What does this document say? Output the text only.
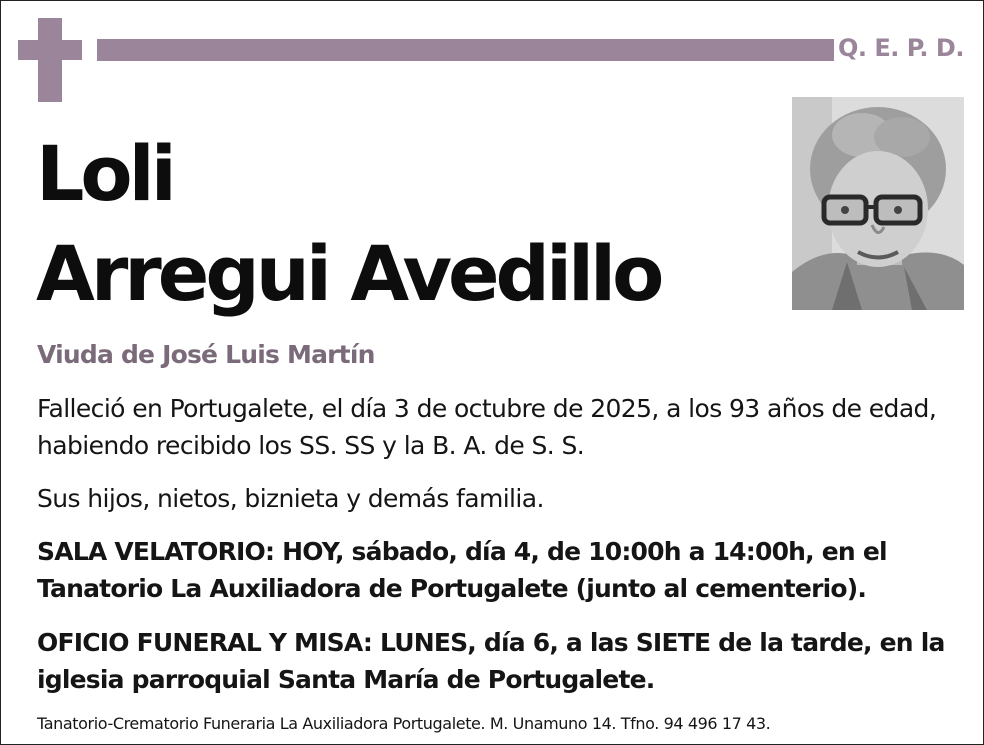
Q. E. P. D.
Loli
Arregui Avedillo
Viuda de José Luis Martín

Falleció en Portugalete, el día 3 de octubre de 2025, a los 93 años de edad, habiendo recibido los SS. SS y la B. A. de S. S.

Sus hijos, nietos, biznieta y demás familia.

SALA VELATORIO: HOY, sábado, día 4, de 10:00h a 14:00h, en el Tanatorio La Auxiliadora de Portugalete (junto al cementerio).

OFICIO FUNERAL Y MISA: LUNES, día 6, a las SIETE de la tarde, en la iglesia parroquial Santa María de Portugalete.

Tanatorio-Crematorio Funeraria La Auxiliadora Portugalete. M. Unamuno 14. Tfno. 94 496 17 43.
